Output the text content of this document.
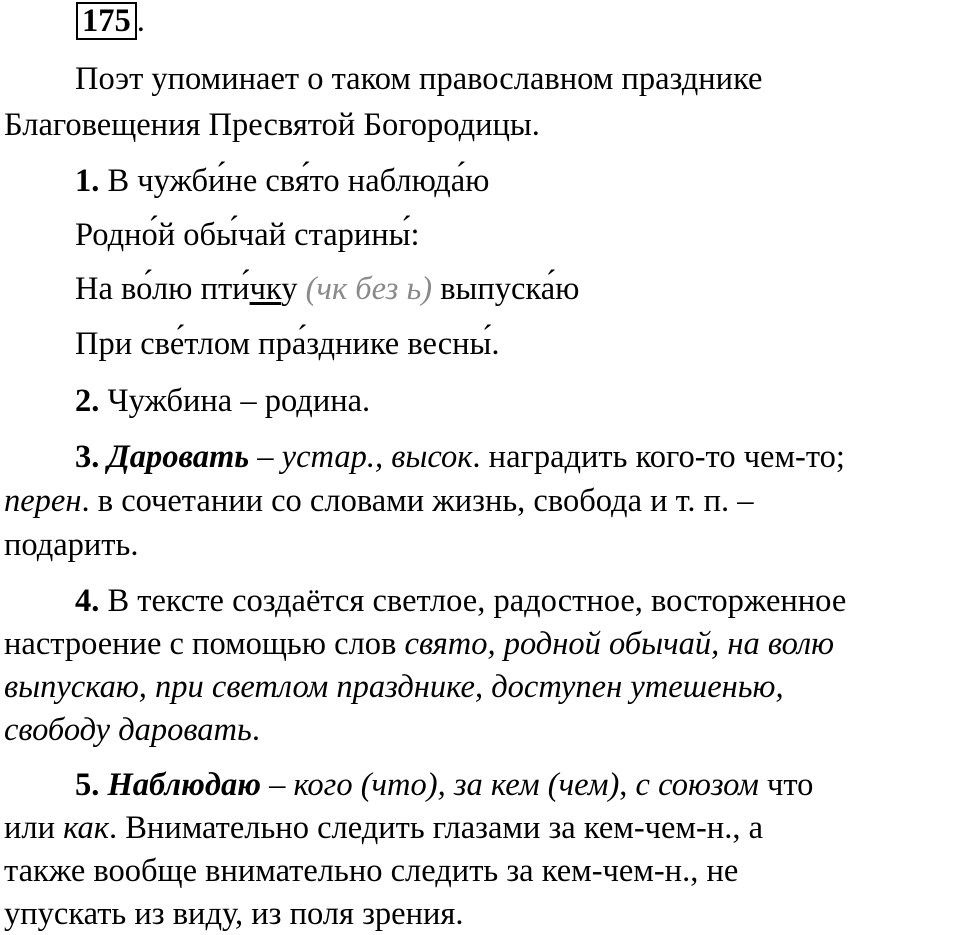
175 .

Поэт упоминает о таком православном празднике

Благовещения Пресвятой Богородицы.

1. В чужби́не свя́то наблюда́ю

Родно́й обы́чай старины́:

На во́лю пти́чку (чк без ь) выпуска́ю

При све́тлом пра́зднике весны́.

2. Чужбина – родина.

3. Даровать – устар., высок. наградить кого-то чем-то;

перен. в сочетании со словами жизнь, свобода и т. п. –

подарить.

4. В тексте создаётся светлое, радостное, восторженное

настроение с помощью слов свято, родной обычай, на волю

выпускаю, при светлом празднике, доступен утешенью,

свободу даровать.

5. Наблюдаю – кого (что), за кем (чем), с союзом что

или как. Внимательно следить глазами за кем-чем-н., а

также вообще внимательно следить за кем-чем-н., не

упускать из виду, из поля зрения.
